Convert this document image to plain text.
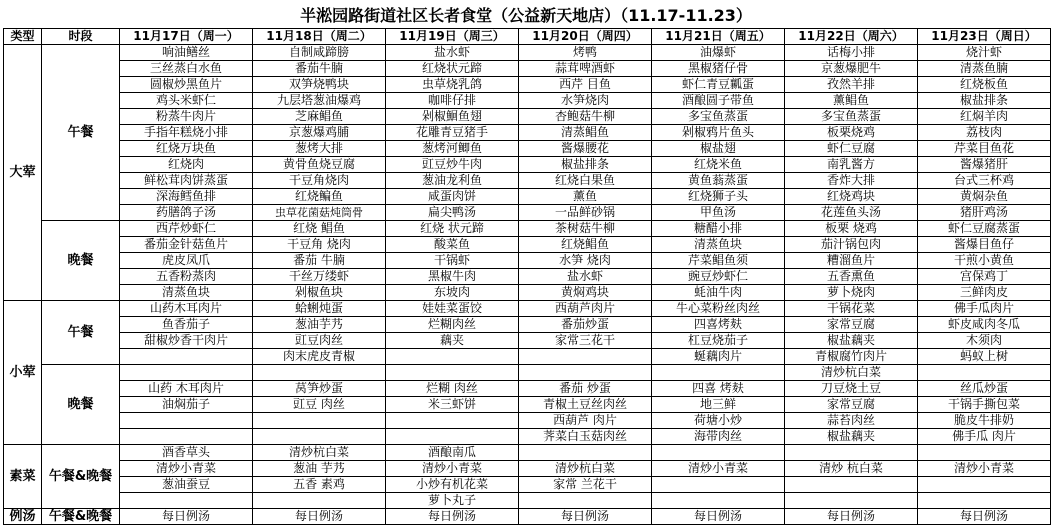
半淞园路街道社区长者食堂（公益新天地店）（11.17-11.23）
类型	时段	11月17日（周一）	11月18日（周二）	11月19日（周三）	11月20日（周四）	11月21日（周五）	11月22日（周六）	11月23日（周日）
大荤	午餐	响油鳝丝	自制咸蹄膀	盐水虾	烤鸭	油爆虾	话梅小排	烧汁虾
		三丝蒸白水鱼	番茄牛腩	红烧状元蹄	蒜茸啤酒虾	黑椒猪仔骨	京葱爆肥牛	清蒸鱼腩
		圆椒炒黑鱼片	双笋烧鸭块	虫草烧乳鸽	西芹 目鱼	虾仁青豆瓤蛋	孜然羊排	红烧板鱼
		鸡头米虾仁	九层塔葱油爆鸡	咖啡仔排	水笋烧肉	酒酿圆子带鱼	薰鲳鱼	椒盐排条
		粉蒸牛肉片	芝麻鲳鱼	剁椒鮰鱼翅	杏鲍菇牛柳	多宝鱼蒸蛋	多宝鱼蒸蛋	红焖羊肉
		手指年糕烧小排	京葱爆鸡脯	花雕青豆猪手	清蒸鲳鱼	剁椒鸦片鱼头	板栗烧鸡	荔枝肉
		红烧万块鱼	葱烤大排	葱烤河鲫鱼	酱爆腰花	椒盐翅	虾仁豆腐	芹菜目鱼花
		红烧肉	黄骨鱼烧豆腐	豇豆炒牛肉	椒盐排条	红烧米鱼	南乳酱方	酱爆猪肝
		鲜松茸肉饼蒸蛋	干豆角烧肉	葱油龙利鱼	红烧白果鱼	黄鱼蓊蒸蛋	香炸大排	台式三杯鸡
		深海鳕鱼排	红烧鳊鱼	咸蛋肉饼	薰鱼	红烧狮子头	红烧鸡块	黄焖杂鱼
		药膳鸽子汤	虫草花菌菇炖筒骨	扁尖鸭汤	一品鲜砂锅	甲鱼汤	花莲鱼头汤	猪肝鸡汤
	晚餐	西芹炒虾仁	红烧 鲳鱼	红烧 状元蹄	茶树菇牛柳	糖醋小排	板栗 烧鸡	虾仁豆腐蒸蛋
		番茄金针菇鱼片	干豆角 烧肉	酸菜鱼	红烧鲳鱼	清蒸鱼块	茄汁锅包肉	酱爆目鱼仔
		虎皮凤爪	番茄 牛腩	干锅虾	水笋 烧肉	芹菜鲳鱼须	糟溜鱼片	干煎小黄鱼
		五香粉蒸肉	干丝万缕虾	黑椒牛肉	盐水虾	豌豆炒虾仁	五香熏鱼	宫保鸡丁
		清蒸鱼块	剁椒鱼块	东坡肉	黄焖鸡块	蚝油牛肉	萝卜烧肉	三鲜肉皮
小荤	午餐	山药木耳肉片	蛤蜊炖蛋	娃娃菜蛋饺	西葫芦肉片	牛心菜粉丝肉丝	干锅花菜	佛手瓜肉片
		鱼香茄子	葱油芋艿	烂糊肉丝	番茄炒蛋	四喜烤麸	家常豆腐	虾皮咸肉冬瓜
		甜椒炒香干肉片	豇豆肉丝	藕夹	家常三花干	杠豆烧茄子	椒盐藕夹	木须肉
			肉末虎皮青椒			蜒藕肉片	青椒腐竹肉片	蚂蚁上树
	晚餐						清炒杭白菜	
		山药 木耳肉片	莴笋炒蛋	烂糊 肉丝	番茄 炒蛋	四喜 烤麸	刀豆烧土豆	丝瓜炒蛋
		油焖茄子	豇豆 肉丝	米三虾饼	青椒土豆丝肉丝	地三鲜	家常豆腐	干锅手撕包菜
					西葫芦 肉片	荷塘小炒	蒜苔肉丝	脆皮牛排奶
					荠菜白玉菇肉丝	海带肉丝	椒盐藕夹	佛手瓜 肉片
素菜	午餐&晚餐	酒香草头	清炒杭白菜	酒酿南瓜				
		清炒小青菜	葱油 芋艿	清炒小青菜	清炒杭白菜	清炒小青菜	清炒 杭白菜	清炒小青菜
		葱油蚕豆	五香 素鸡	小炒有机花菜	家常 兰花干			
				萝卜丸子				
例汤	午餐&晚餐	每日例汤	每日例汤	每日例汤	每日例汤	每日例汤	每日例汤	每日例汤
